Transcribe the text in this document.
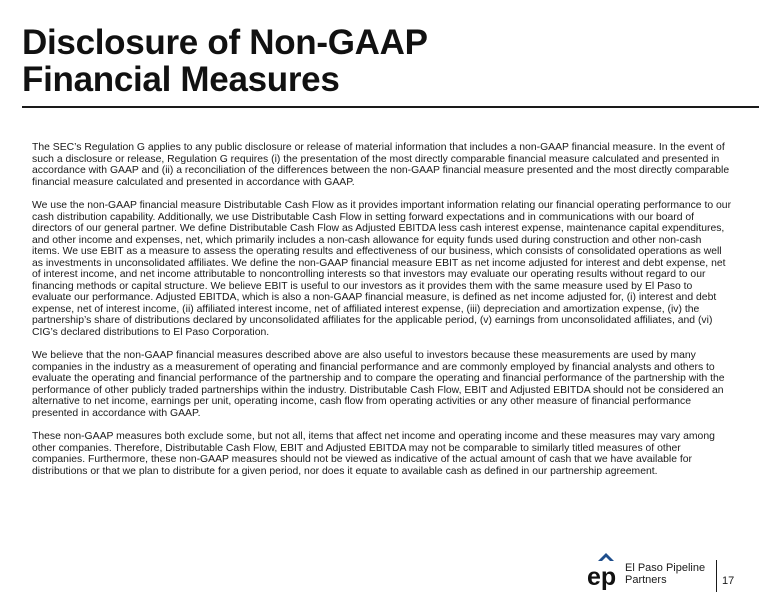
Disclosure of Non-GAAP
Financial Measures

The SEC’s Regulation G applies to any public disclosure or release of material information that includes a non-GAAP financial measure. In the event of such a disclosure or release, Regulation G requires (i) the presentation of the most directly comparable financial measure calculated and presented in accordance with GAAP and (ii) a reconciliation of the differences between the non-GAAP financial measure presented and the most directly comparable financial measure calculated and presented in accordance with GAAP.

We use the non-GAAP financial measure Distributable Cash Flow as it provides important information relating our financial operating performance to our cash distribution capability. Additionally, we use Distributable Cash Flow in setting forward expectations and in communications with our board of directors of our general partner. We define Distributable Cash Flow as Adjusted EBITDA less cash interest expense, maintenance capital expenditures, and other income and expenses, net, which primarily includes a non-cash allowance for equity funds used during construction and other non-cash items. We use EBIT as a measure to assess the operating results and effectiveness of our business, which consists of consolidated operations as well as investments in unconsolidated affiliates. We define the non-GAAP financial measure EBIT as net income adjusted for interest and debt expense, net of interest income, and net income attributable to noncontrolling interests so that investors may evaluate our operating results without regard to our financing methods or capital structure. We believe EBIT is useful to our investors as it provides them with the same measure used by El Paso to evaluate our performance. Adjusted EBITDA, which is also a non-GAAP financial measure, is defined as net income adjusted for, (i) interest and debt expense, net of interest income, (ii) affiliated interest income, net of affiliated interest expense, (iii) depreciation and amortization expense, (iv) the partnership’s share of distributions declared by unconsolidated affiliates for the applicable period, (v) earnings from unconsolidated affiliates, and (vi) CIG’s declared distributions to El Paso Corporation.

We believe that the non-GAAP financial measures described above are also useful to investors because these measurements are used by many companies in the industry as a measurement of operating and financial performance and are commonly employed by financial analysts and others to evaluate the operating and financial performance of the partnership and to compare the operating and financial performance of the partnership with the performance of other publicly traded partnerships within the industry. Distributable Cash Flow, EBIT and Adjusted EBITDA should not be considered an alternative to net income, earnings per unit, operating income, cash flow from operating activities or any other measure of financial performance presented in accordance with GAAP.

These non-GAAP measures both exclude some, but not all, items that affect net income and operating income and these measures may vary among other companies. Therefore, Distributable Cash Flow, EBIT and Adjusted EBITDA may not be comparable to similarly titled measures of other companies. Furthermore, these non-GAAP measures should not be viewed as indicative of the actual amount of cash that we have available for distributions or that we plan to distribute for a given period, nor does it equate to available cash as defined in our partnership agreement.

ep El Paso Pipeline
Partners	17
